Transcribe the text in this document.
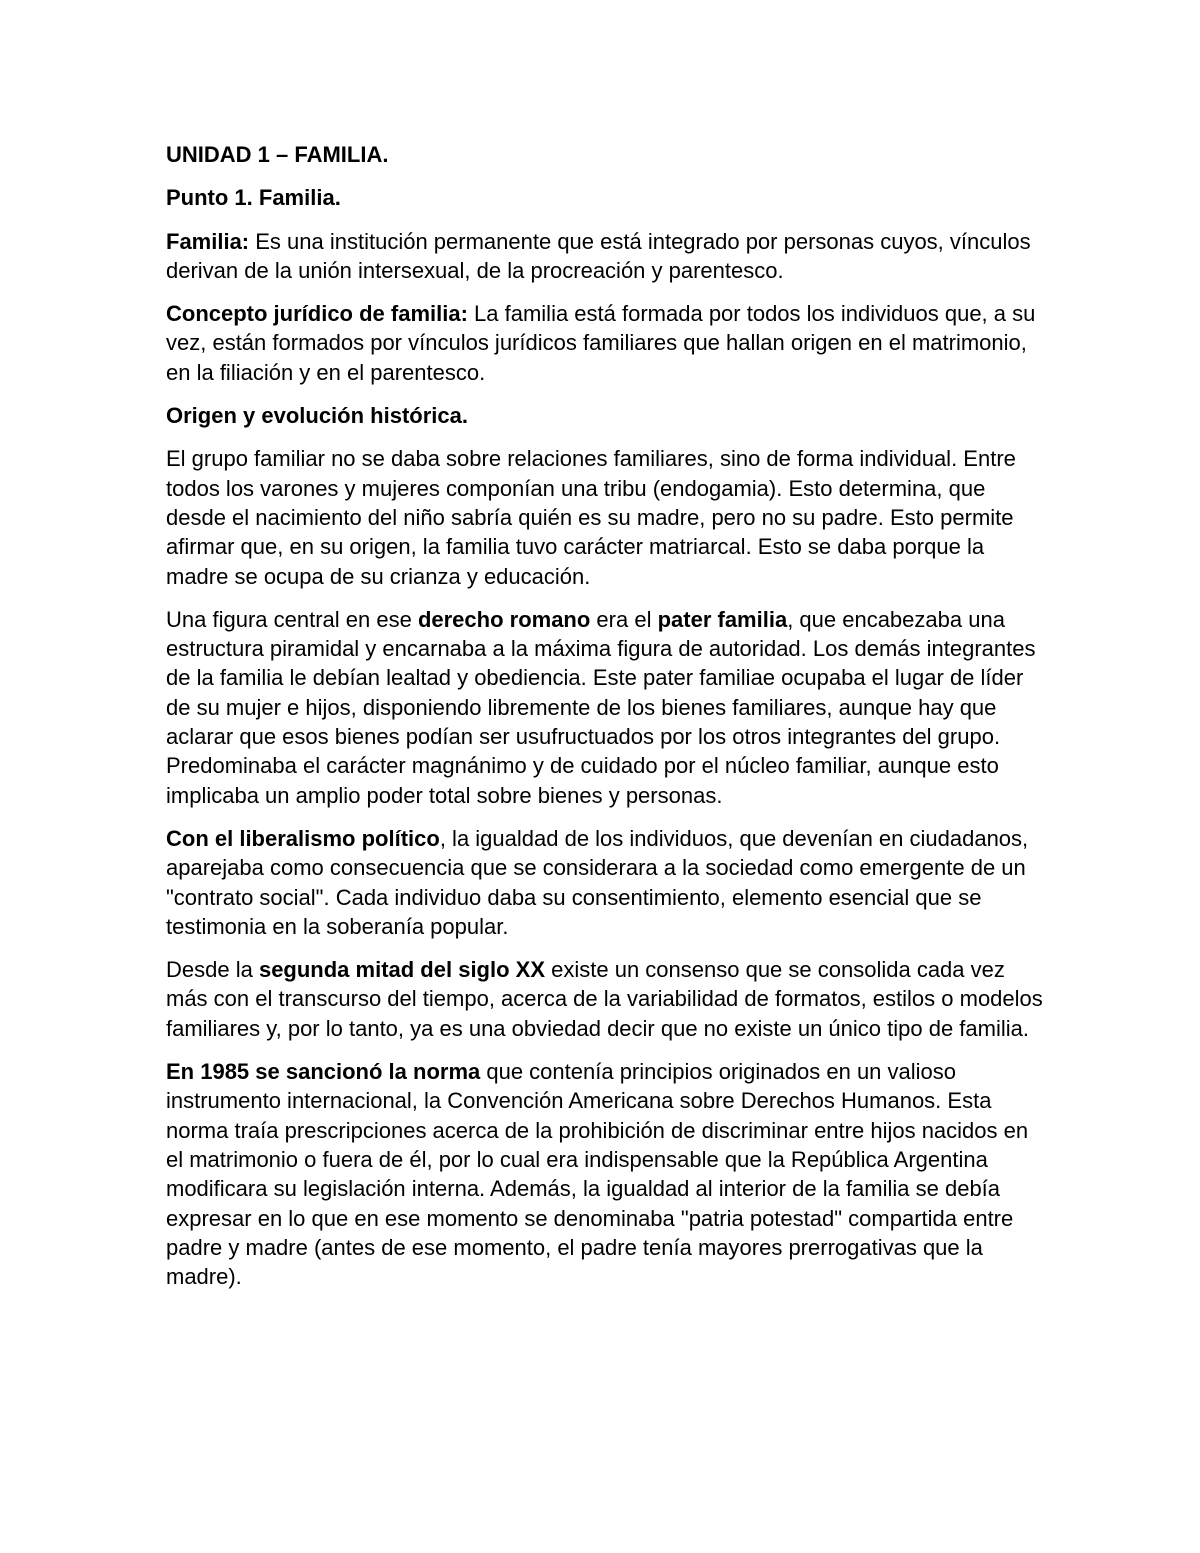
UNIDAD 1 – FAMILIA.

Punto 1. Familia.

Familia: Es una institución permanente que está integrado por personas cuyos, vínculos derivan de la unión intersexual, de la procreación y parentesco.

Concepto jurídico de familia: La familia está formada por todos los individuos que, a su vez, están formados por vínculos jurídicos familiares que hallan origen en el matrimonio, en la filiación y en el parentesco.

Origen y evolución histórica.

El grupo familiar no se daba sobre relaciones familiares, sino de forma individual. Entre todos los varones y mujeres componían una tribu (endogamia). Esto determina, que desde el nacimiento del niño sabría quién es su madre, pero no su padre. Esto permite afirmar que, en su origen, la familia tuvo carácter matriarcal. Esto se daba porque la madre se ocupa de su crianza y educación.

Una figura central en ese derecho romano era el pater familia, que encabezaba una estructura piramidal y encarnaba a la máxima figura de autoridad. Los demás integrantes de la familia le debían lealtad y obediencia. Este pater familiae ocupaba el lugar de líder de su mujer e hijos, disponiendo libremente de los bienes familiares, aunque hay que aclarar que esos bienes podían ser usufructuados por los otros integrantes del grupo. Predominaba el carácter magnánimo y de cuidado por el núcleo familiar, aunque esto implicaba un amplio poder total sobre bienes y personas.

Con el liberalismo político, la igualdad de los individuos, que devenían en ciudadanos, aparejaba como consecuencia que se considerara a la sociedad como emergente de un "contrato social". Cada individuo daba su consentimiento, elemento esencial que se testimonia en la soberanía popular.

Desde la segunda mitad del siglo XX existe un consenso que se consolida cada vez más con el transcurso del tiempo, acerca de la variabilidad de formatos, estilos o modelos familiares y, por lo tanto, ya es una obviedad decir que no existe un único tipo de familia.

En 1985 se sancionó la norma que contenía principios originados en un valioso instrumento internacional, la Convención Americana sobre Derechos Humanos. Esta norma traía prescripciones acerca de la prohibición de discriminar entre hijos nacidos en el matrimonio o fuera de él, por lo cual era indispensable que la República Argentina modificara su legislación interna. Además, la igualdad al interior de la familia se debía expresar en lo que en ese momento se denominaba "patria potestad" compartida entre padre y madre (antes de ese momento, el padre tenía mayores prerrogativas que la madre).
